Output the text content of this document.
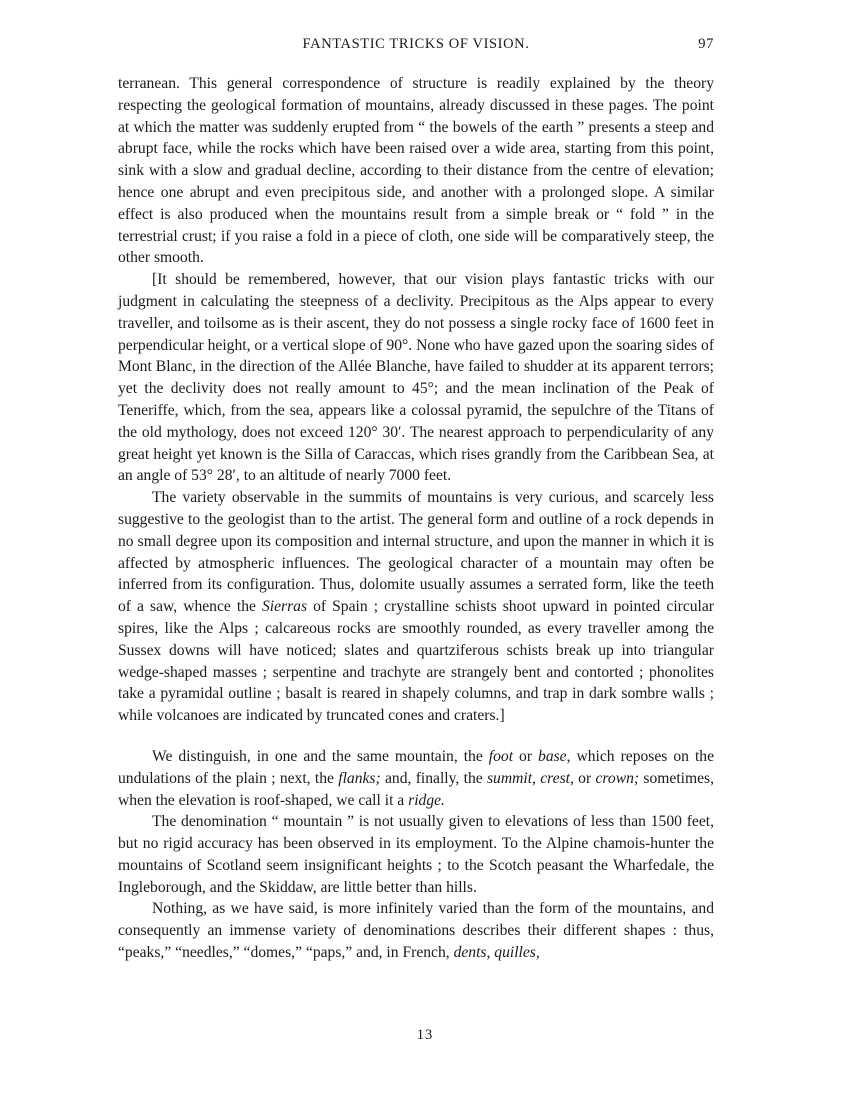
FANTASTIC TRICKS OF VISION.	97

terranean. This general correspondence of structure is readily explained by the theory respecting the geological formation of mountains, already discussed in these pages. The point at which the matter was suddenly erupted from “ the bowels of the earth ” presents a steep and abrupt face, while the rocks which have been raised over a wide area, starting from this point, sink with a slow and gradual decline, according to their distance from the centre of elevation; hence one abrupt and even precipitous side, and another with a prolonged slope. A similar effect is also produced when the mountains result from a simple break or “ fold ” in the terrestrial crust; if you raise a fold in a piece of cloth, one side will be comparatively steep, the other smooth.

[It should be remembered, however, that our vision plays fantastic tricks with our judgment in calculating the steepness of a declivity. Precipitous as the Alps appear to every traveller, and toilsome as is their ascent, they do not possess a single rocky face of 1600 feet in perpendicular height, or a vertical slope of 90°. None who have gazed upon the soaring sides of Mont Blanc, in the direction of the Allée Blanche, have failed to shudder at its apparent terrors; yet the declivity does not really amount to 45°; and the mean inclination of the Peak of Teneriffe, which, from the sea, appears like a colossal pyramid, the sepulchre of the Titans of the old mythology, does not exceed 120° 30′. The nearest approach to perpendicularity of any great height yet known is the Silla of Caraccas, which rises grandly from the Caribbean Sea, at an angle of 53° 28′, to an altitude of nearly 7000 feet.

The variety observable in the summits of mountains is very curious, and scarcely less suggestive to the geologist than to the artist. The general form and outline of a rock depends in no small degree upon its composition and internal structure, and upon the manner in which it is affected by atmospheric influences. The geological character of a mountain may often be inferred from its configuration. Thus, dolomite usually assumes a serrated form, like the teeth of a saw, whence the Sierras of Spain ; crystalline schists shoot upward in pointed circular spires, like the Alps ; calcareous rocks are smoothly rounded, as every traveller among the Sussex downs will have noticed; slates and quartziferous schists break up into triangular wedge-shaped masses ; serpentine and trachyte are strangely bent and contorted ; phonolites take a pyramidal outline ; basalt is reared in shapely columns, and trap in dark sombre walls ; while volcanoes are indicated by truncated cones and craters.]

We distinguish, in one and the same mountain, the foot or base, which reposes on the undulations of the plain ; next, the flanks; and, finally, the summit, crest, or crown; sometimes, when the elevation is roof-shaped, we call it a ridge.

The denomination “ mountain ” is not usually given to elevations of less than 1500 feet, but no rigid accuracy has been observed in its employment. To the Alpine chamois-hunter the mountains of Scotland seem insignificant heights ; to the Scotch peasant the Wharfedale, the Ingleborough, and the Skiddaw, are little better than hills.

Nothing, as we have said, is more infinitely varied than the form of the mountains, and consequently an immense variety of denominations describes their different shapes : thus, “peaks,” “needles,” “domes,” “paps,” and, in French, dents, quilles,

13
